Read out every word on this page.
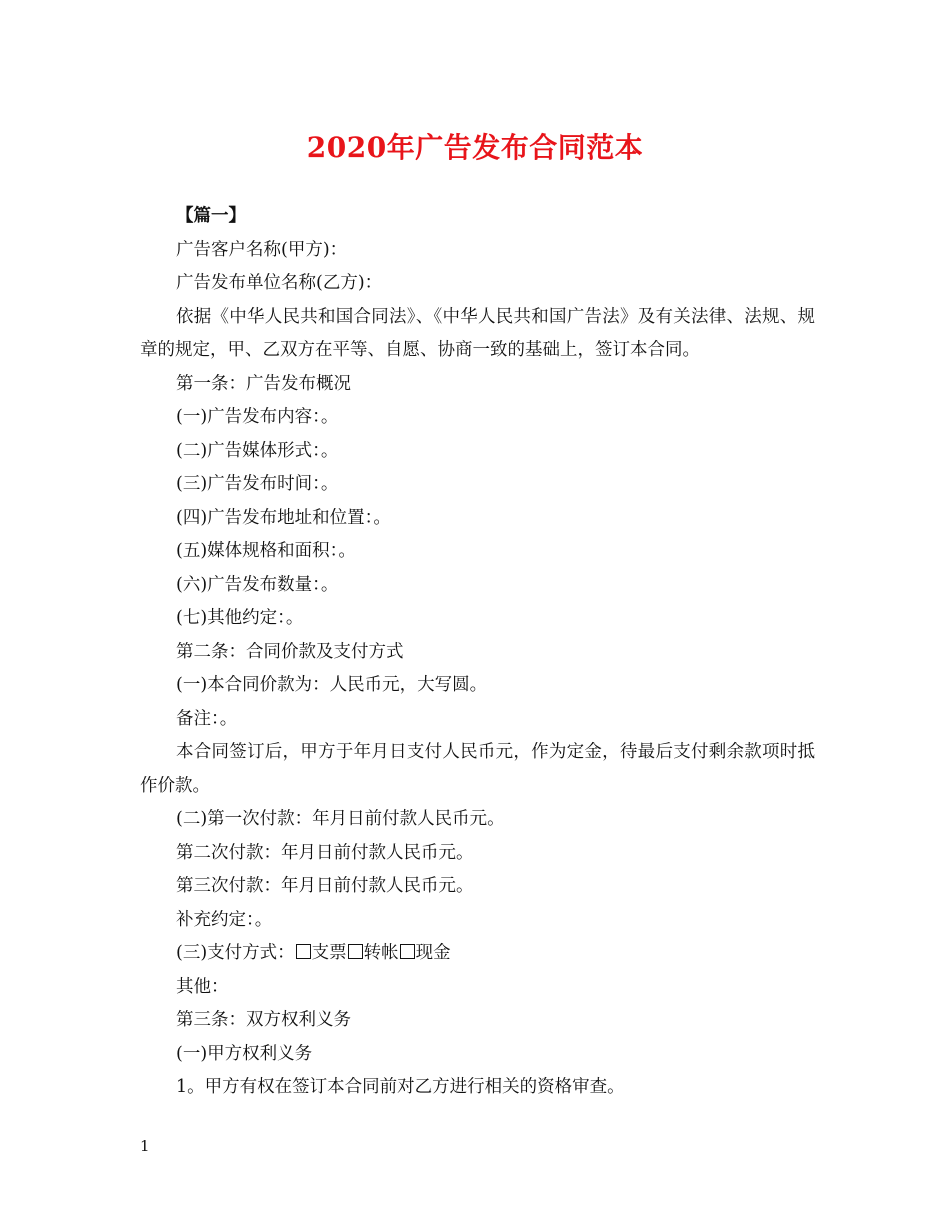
2020年广告发布合同范本

【篇一】

广告客户名称(甲方)：

广告发布单位名称(乙方)：

依据《中华人民共和国合同法》、《中华人民共和国广告法》及有关法律、法规、规章的规定，甲、乙双方在平等、自愿、协商一致的基础上，签订本合同。

第一条：广告发布概况

(一)广告发布内容：。

(二)广告媒体形式：。

(三)广告发布时间：。

(四)广告发布地址和位置：。

(五)媒体规格和面积：。

(六)广告发布数量：。

(七)其他约定：。

第二条：合同价款及支付方式

(一)本合同价款为：人民币元，大写圆。

备注：。

本合同签订后，甲方于年月日支付人民币元，作为定金，待最后支付剩余款项时抵作价款。

(二)第一次付款：年月日前付款人民币元。

第二次付款：年月日前付款人民币元。

第三次付款：年月日前付款人民币元。

补充约定：。

(三)支付方式： 支票 转帐 现金

其他：

第三条：双方权利义务

(一)甲方权利义务

1。甲方有权在签订本合同前对乙方进行相关的资格审查。

1
